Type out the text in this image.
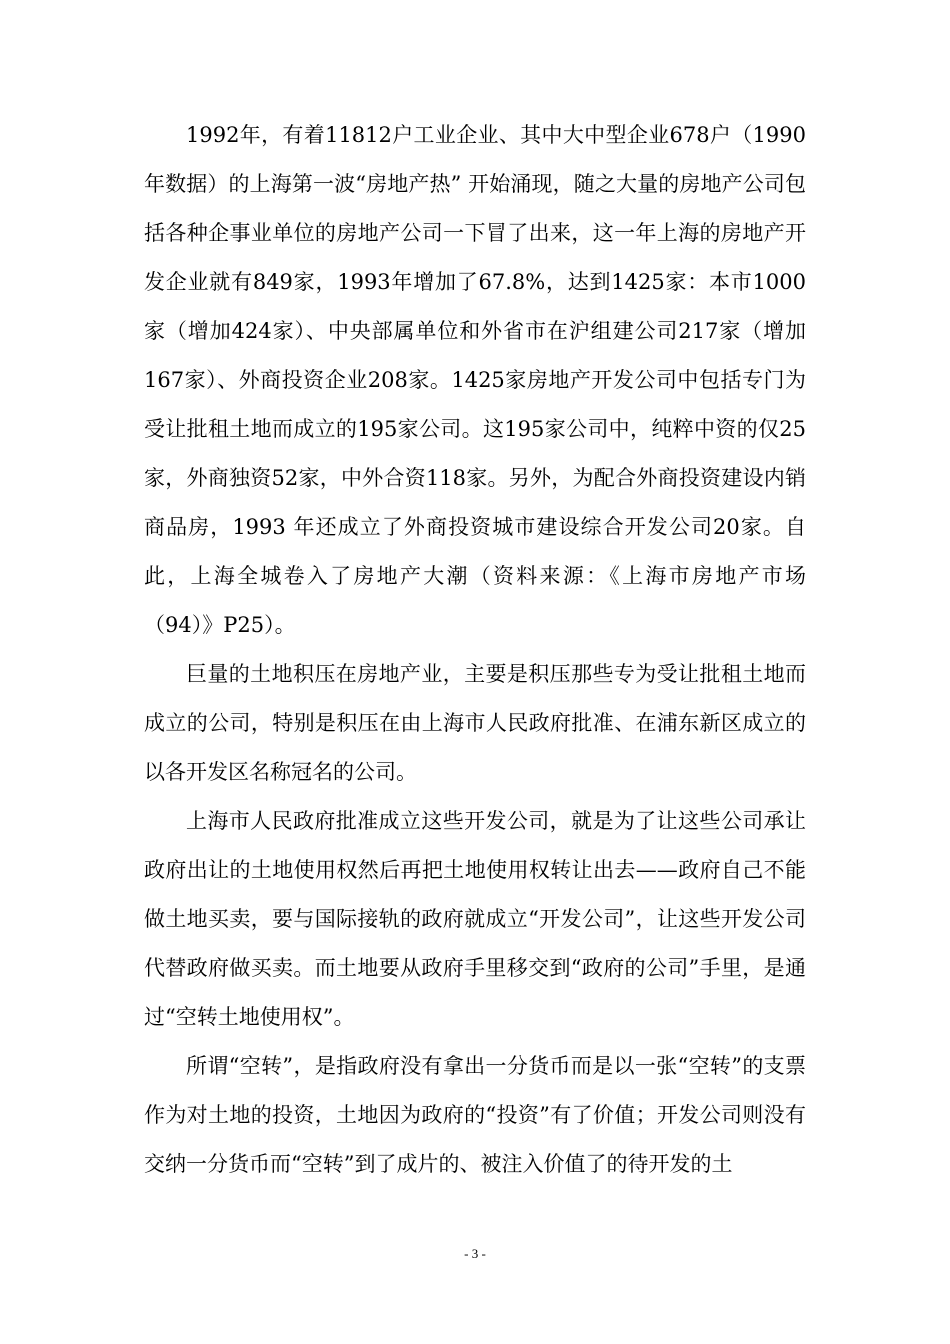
1992年，有着11812户工业企业、其中大中型企业678户（1990年数据）的上海第一波“房地产热” 开始涌现，随之大量的房地产公司包括各种企事业单位的房地产公司一下冒了出来，这一年上海的房地产开发企业就有849家，1993年增加了67.8%，达到1425家：本市1000家（增加424家）、中央部属单位和外省市在沪组建公司217家（增加167家）、外商投资企业208家。1425家房地产开发公司中包括专门为受让批租土地而成立的195家公司。这195家公司中，纯粹中资的仅25家，外商独资52家，中外合资118家。另外，为配合外商投资建设内销商品房，1993 年还成立了外商投资城市建设综合开发公司20家。自此，上海全城卷入了房地产大潮（资料来源：《上海市房地产市场（94）》P25）。

巨量的土地积压在房地产业，主要是积压那些专为受让批租土地而成立的公司，特别是积压在由上海市人民政府批准、在浦东新区成立的以各开发区名称冠名的公司。

上海市人民政府批准成立这些开发公司，就是为了让这些公司承让政府出让的土地使用权然后再把土地使用权转让出去——政府自己不能做土地买卖，要与国际接轨的政府就成立“开发公司”，让这些开发公司代替政府做买卖。而土地要从政府手里移交到“政府的公司”手里，是通过“空转土地使用权”。

所谓“空转”，是指政府没有拿出一分货币而是以一张“空转”的支票作为对土地的投资，土地因为政府的“投资”有了价值；开发公司则没有交纳一分货币而“空转”到了成片的、被注入价值了的待开发的土

- 3 -
